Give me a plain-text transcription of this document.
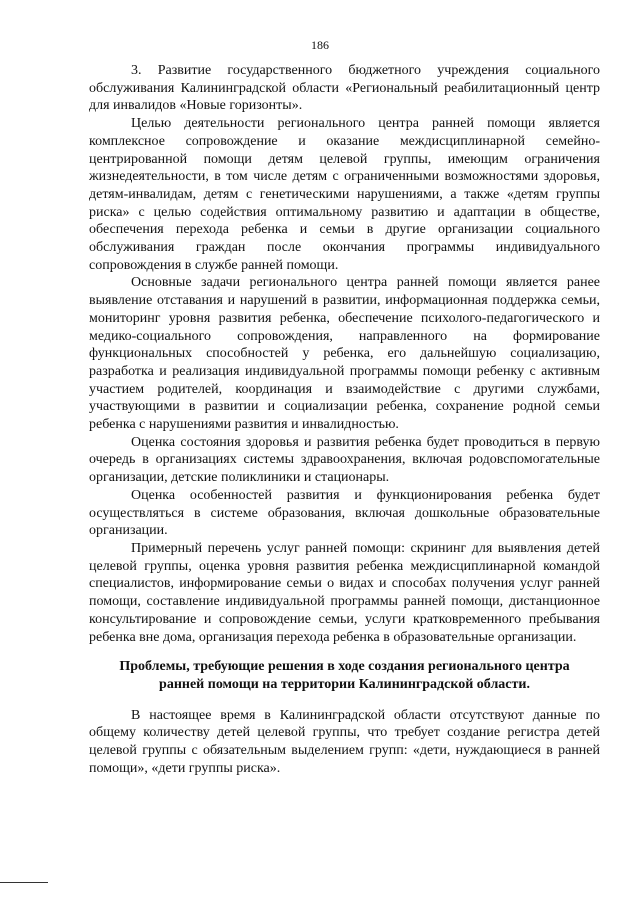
186

3. Развитие государственного бюджетного учреждения социального обслуживания Калининградской области «Региональный реабилитационный центр для инвалидов «Новые горизонты».

Целью деятельности регионального центра ранней помощи является комплексное сопровождение и оказание междисциплинарной семейно-центрированной помощи детям целевой группы, имеющим ограничения жизнедеятельности, в том числе детям с ограниченными возможностями здоровья, детям-инвалидам, детям с генетическими нарушениями, а также «детям группы риска» с целью содействия оптимальному развитию и адаптации в обществе, обеспечения перехода ребенка и семьи в другие организации социального обслуживания граждан после окончания программы индивидуального сопровождения в службе ранней помощи.

Основные задачи регионального центра ранней помощи является ранее выявление отставания и нарушений в развитии, информационная поддержка семьи, мониторинг уровня развития ребенка, обеспечение психолого-педагогического и медико-социального сопровождения, направленного на формирование функциональных способностей у ребенка, его дальнейшую социализацию, разработка и реализация индивидуальной программы помощи ребенку с активным участием родителей, координация и взаимодействие с другими службами, участвующими в развитии и социализации ребенка, сохранение родной семьи ребенка с нарушениями развития и инвалидностью.

Оценка состояния здоровья и развития ребенка будет проводиться в первую очередь в организациях системы здравоохранения, включая родовспомогательные организации, детские поликлиники и стационары.

Оценка особенностей развития и функционирования ребенка будет осуществляться в системе образования, включая дошкольные образовательные организации.

Примерный перечень услуг ранней помощи: скрининг для выявления детей целевой группы, оценка уровня развития ребенка междисциплинарной командой специалистов, информирование семьи о видах и способах получения услуг ранней помощи, составление индивидуальной программы ранней помощи, дистанционное консультирование и сопровождение семьи, услуги кратковременного пребывания ребенка вне дома, организация перехода ребенка в образовательные организации.

Проблемы, требующие решения в ходе создания регионального центра ранней помощи на территории Калининградской области.

В настоящее время в Калининградской области отсутствуют данные по общему количеству детей целевой группы, что требует создание регистра детей целевой группы с обязательным выделением групп: «дети, нуждающиеся в ранней помощи», «дети группы риска».
